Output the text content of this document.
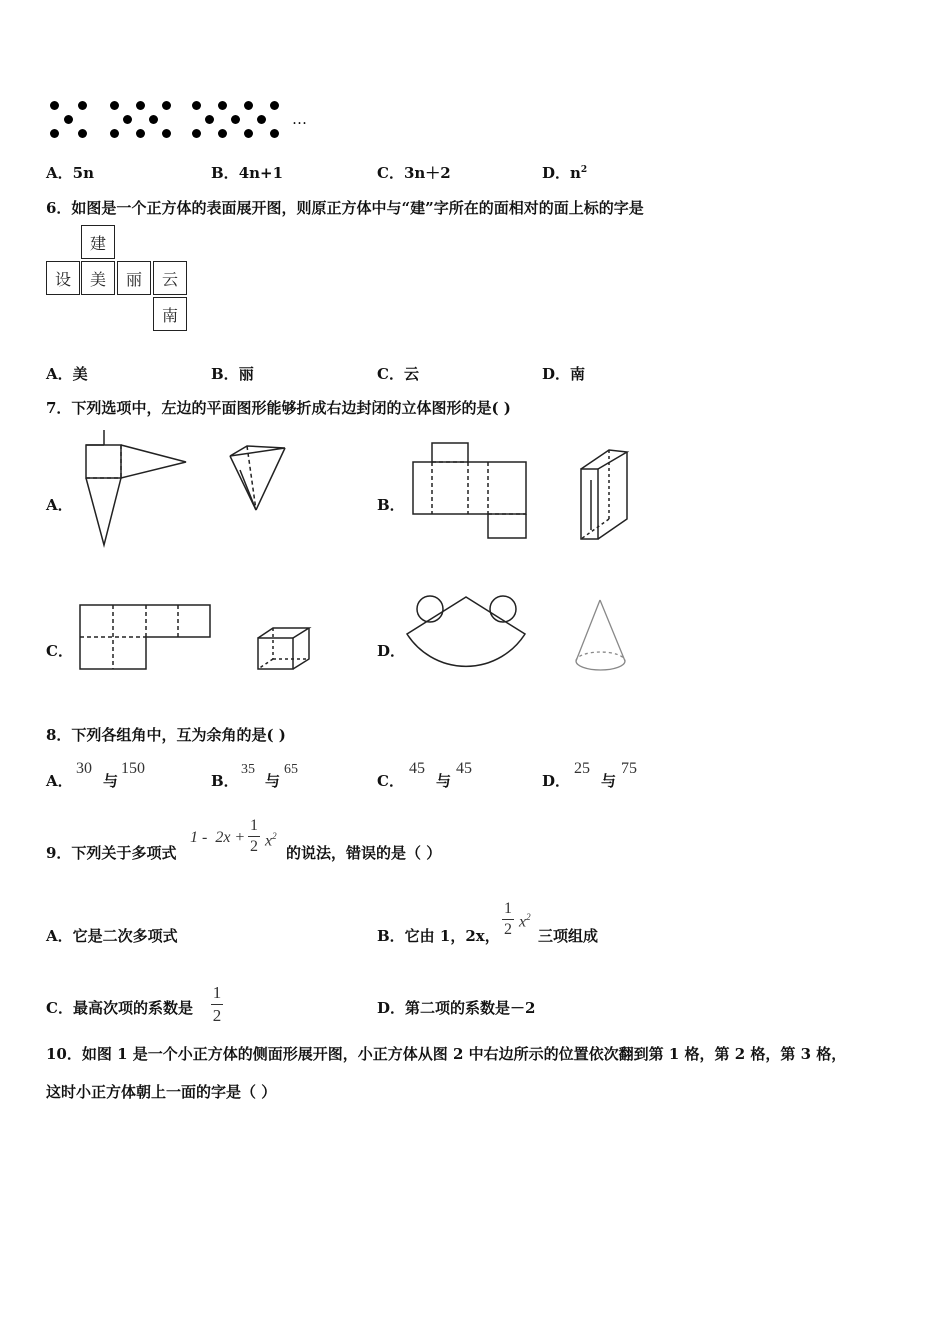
…
A．5n	B．4n+1	C．3n＋2	D．$n^2$
6．如图是一个正方体的表面展开图，则原正方体中与“建”字所在的面相对的面上标的字是
建
设	美	丽	云
南
A．美	B．丽	C．云	D．南
7．下列选项中，左边的平面图形能够折成右边封闭的立体图形的是( )
A．	B．
C．	D．
8．下列各组角中，互为余角的是( )
A．
30
与
150
B．
35
与
65
C．
45
与
45
D．
25
与
75
9．下列关于多项式
1 -  2x +
1
2 $x^2$
的说法，错误的是（ ）
A．它是二次多项式	B．它由 1，2x，
1
2 $x^2$
三项组成
C．最高次项的系数是
1
2	D．第二项的系数是－2
10．如图 1 是一个小正方体的侧面形展开图，小正方体从图 2 中右边所示的位置依次翻到第 1 格，第 2 格，第 3 格，
这时小正方体朝上一面的字是（ ）
